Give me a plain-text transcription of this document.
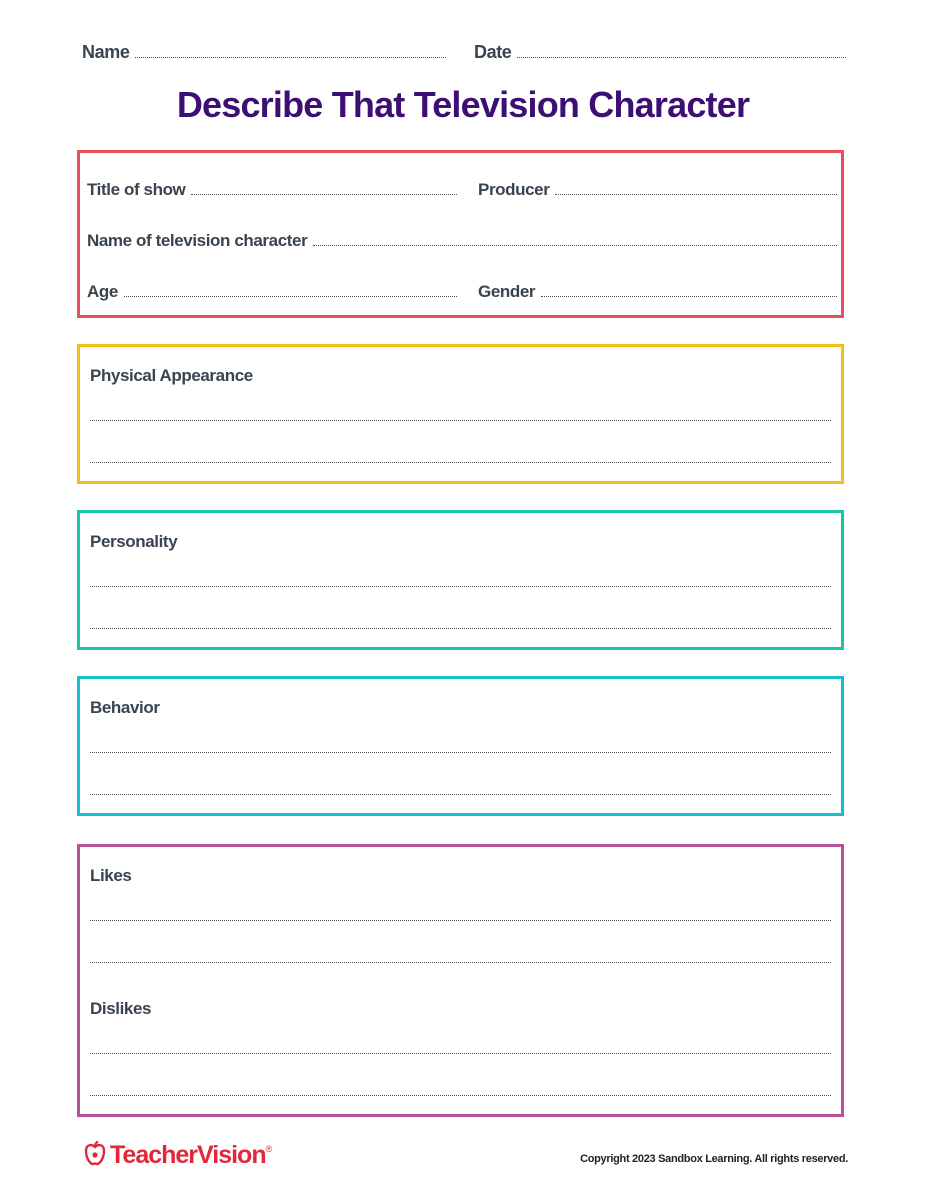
Name	Date
Describe That Television Character
Title of show	Producer
Name of television character
Age	Gender
Physical Appearance
Personality
Behavior
Likes
Dislikes
TeacherVision ®
Copyright 2023 Sandbox Learning. All rights reserved.
